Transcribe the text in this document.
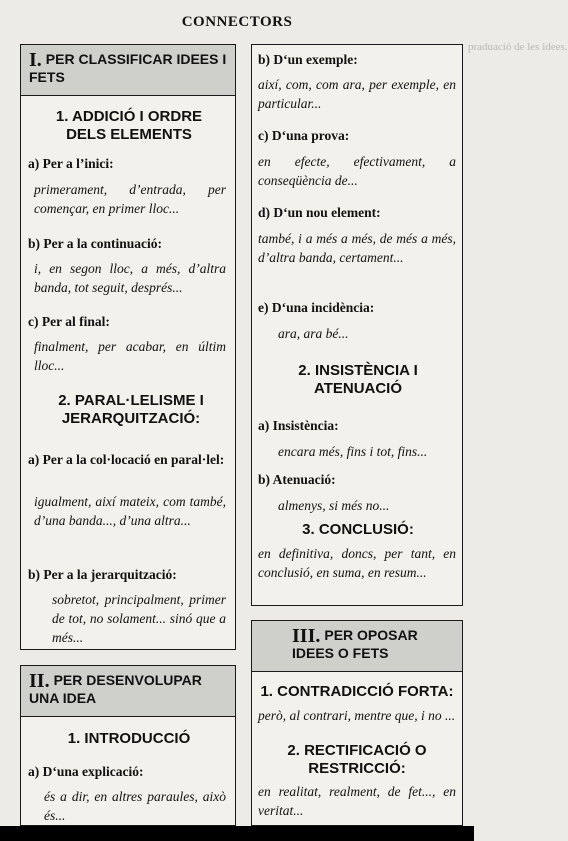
CONNECTORS
praduació de les idees.
I. PER CLASSIFICAR IDEES I FETS
1. ADDICIÓ I ORDRE DELS ELEMENTS
a) Per a l’inici:
primerament, d’entrada, per començar, en primer lloc...
b) Per a la continuació:
i, en segon lloc, a més, d’altra banda, tot seguit, després...
c) Per al final:
finalment, per acabar, en últim lloc...
2. PARAL·LELISME I JERARQUITZACIÓ:
a) Per a la col·locació en paral·lel:
igualment, així mateix, com també, d’una banda..., d’una altra...
b) Per a la jerarquització:
sobretot, principalment, primer de tot, no solament... sinó que a més...
II. PER DESENVOLUPAR UNA IDEA
1. INTRODUCCIÓ
a) D‘una explicació:
és a dir, en altres paraules, això és...
b) D‘un exemple:
així, com, com ara, per exemple, en particular...
c) D‘una prova:
en efecte, efectivament, a conseqüència de...
d) D‘un nou element:
també, i a més a més, de més a més, d’altra banda, certament...
e) D‘una incidència:
ara, ara bé...
2. INSISTÈNCIA I ATENUACIÓ
a) Insistència:
encara més, fins i tot, fins...
b) Atenuació:
almenys, si més no...
3. CONCLUSIÓ:
en definitiva, doncs, per tant, en conclusió, en suma, en resum...
III. PER OPOSAR IDEES O FETS
1. CONTRADICCIÓ FORTA:
però, al contrari, mentre que, i no ...
2. RECTIFICACIÓ O RESTRICCIÓ:
en realitat, realment, de fet..., en veritat...
